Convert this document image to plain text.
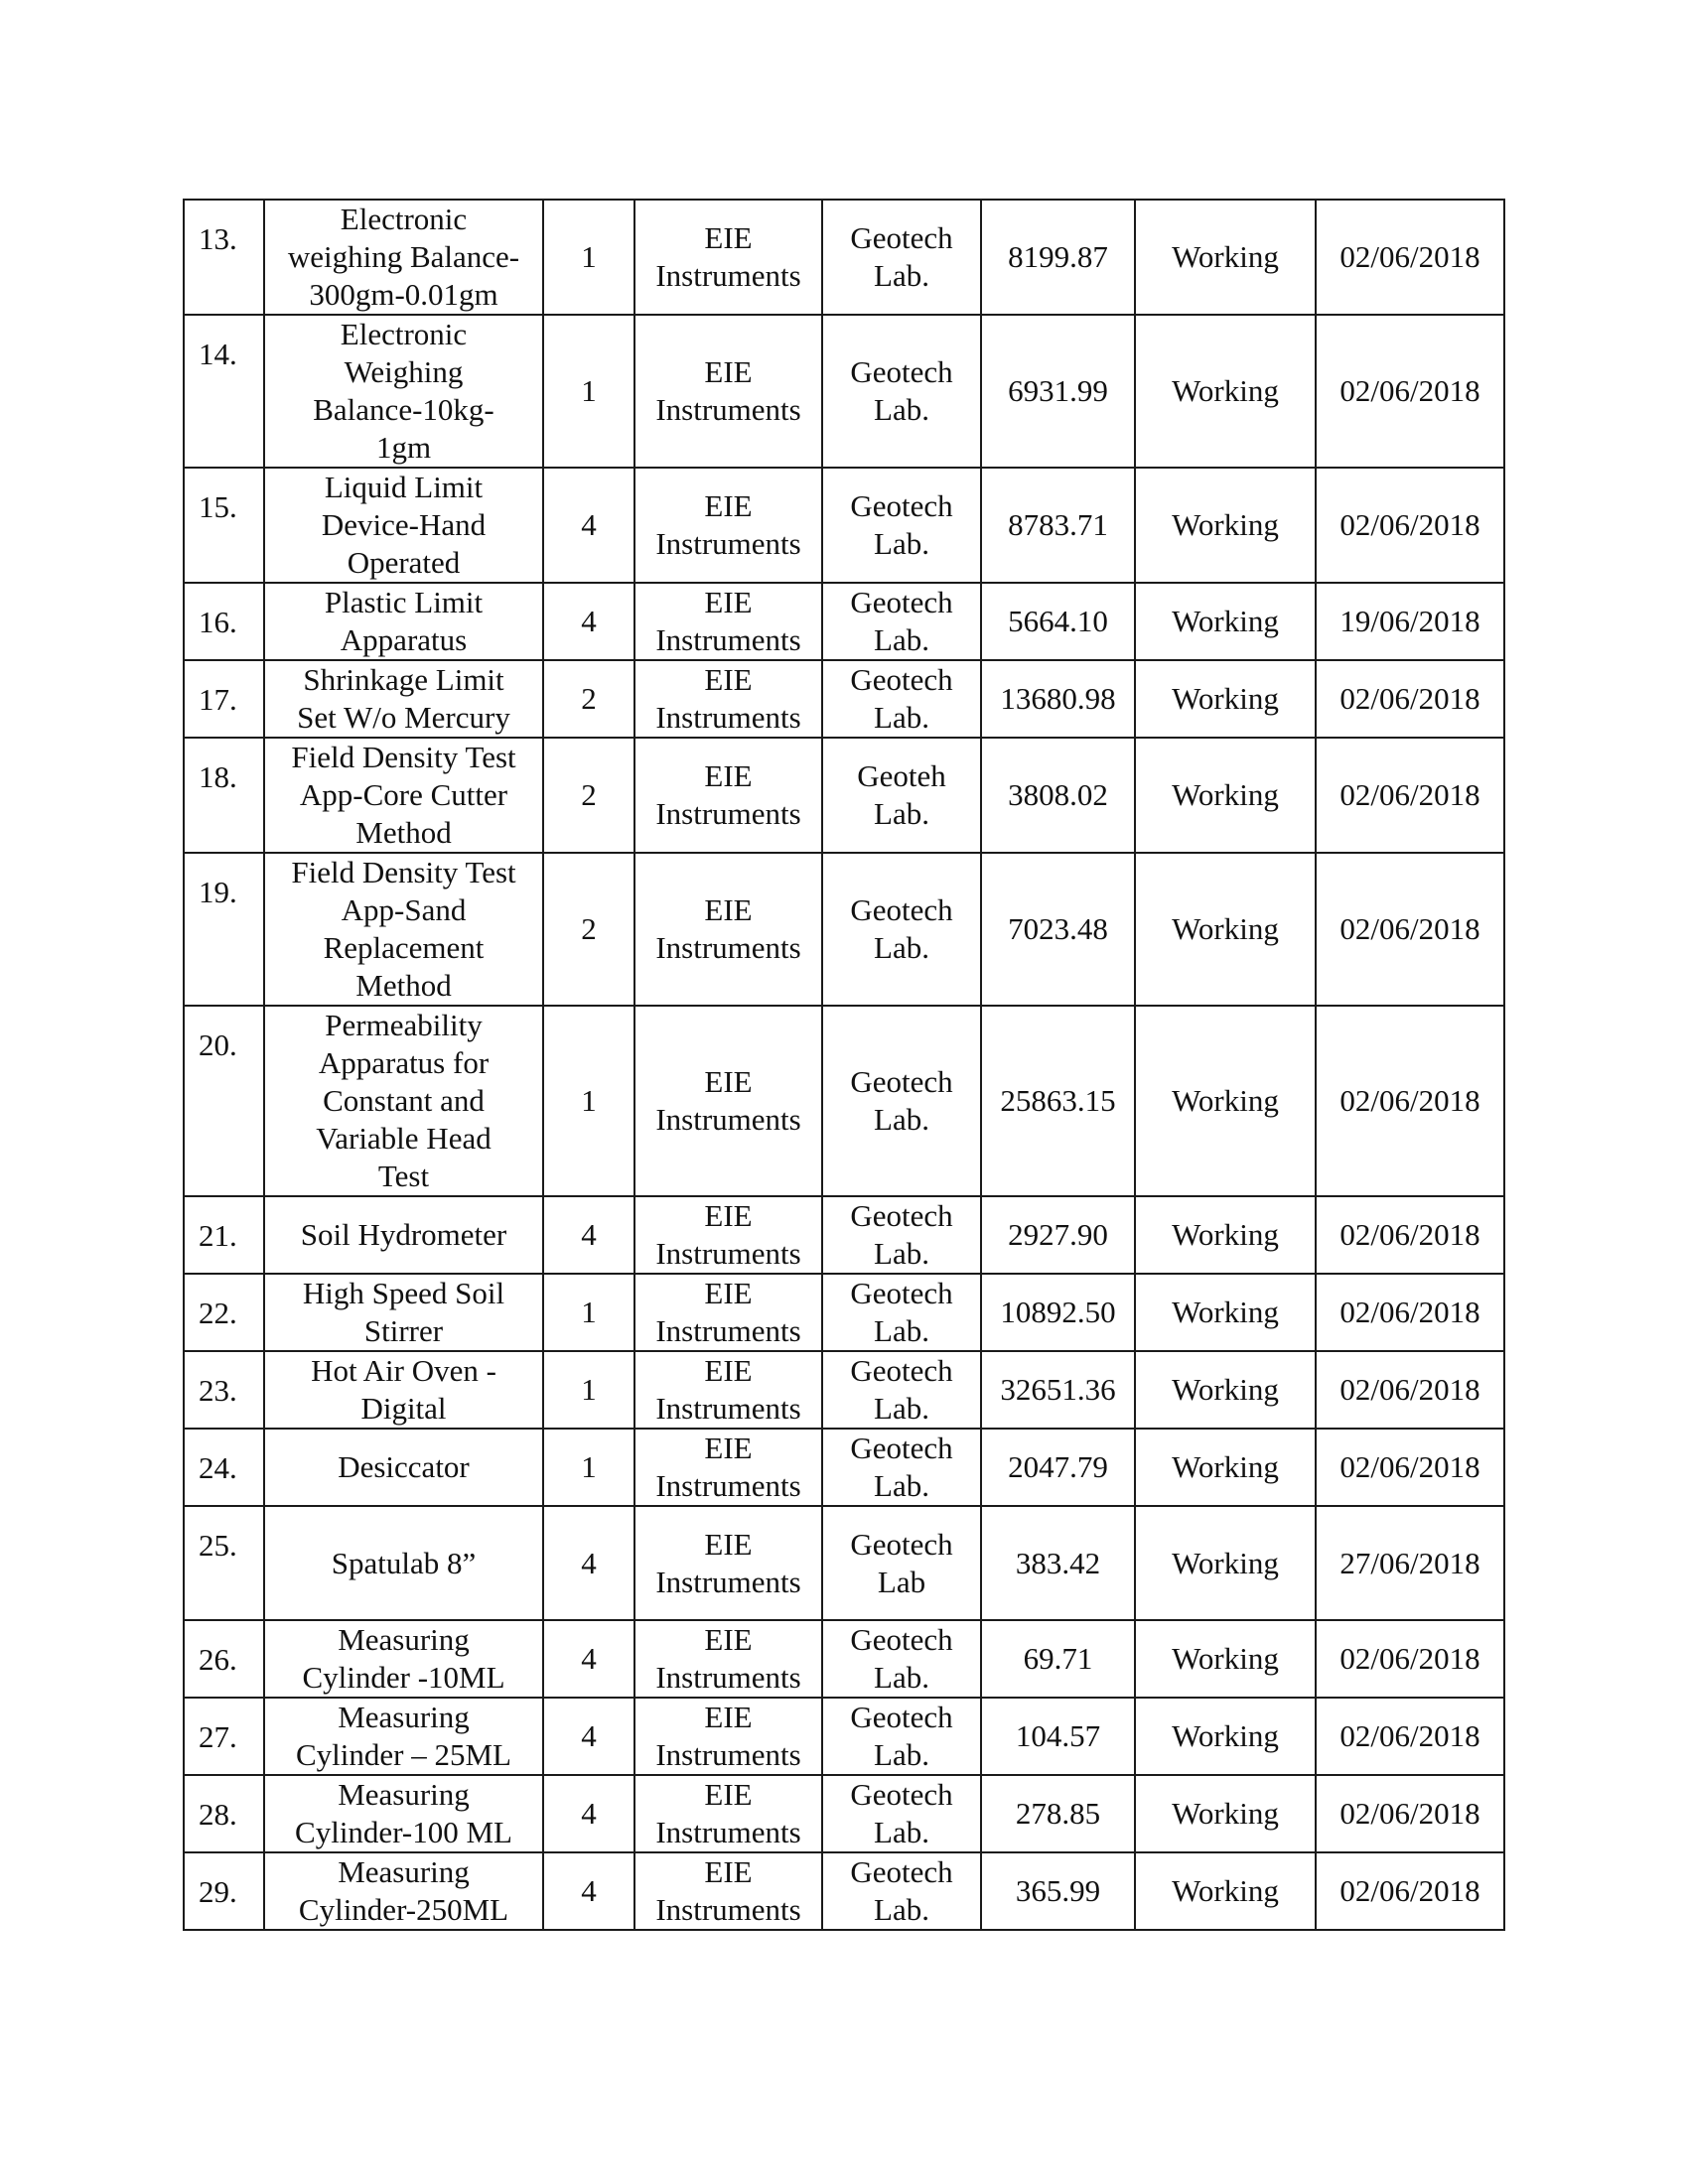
13.	Electronic
weighing Balance-
300gm-0.01gm	1	EIE
Instruments	Geotech
Lab.	8199.87	Working	02/06/2018
14.	Electronic
Weighing
Balance-10kg-
1gm	1	EIE
Instruments	Geotech
Lab.	6931.99	Working	02/06/2018
15.	Liquid Limit
Device-Hand
Operated	4	EIE
Instruments	Geotech
Lab.	8783.71	Working	02/06/2018
16.	Plastic Limit
Apparatus	4	EIE
Instruments	Geotech
Lab.	5664.10	Working	19/06/2018
17.	Shrinkage Limit
Set W/o Mercury	2	EIE
Instruments	Geotech
Lab.	13680.98	Working	02/06/2018
18.	Field Density Test
App-Core Cutter
Method	2	EIE
Instruments	Geoteh
Lab.	3808.02	Working	02/06/2018
19.	Field Density Test
App-Sand
Replacement
Method	2	EIE
Instruments	Geotech
Lab.	7023.48	Working	02/06/2018
20.	Permeability
Apparatus for
Constant and
Variable Head
Test	1	EIE
Instruments	Geotech
Lab.	25863.15	Working	02/06/2018
21.	Soil Hydrometer	4	EIE
Instruments	Geotech
Lab.	2927.90	Working	02/06/2018
22.	High Speed Soil
Stirrer	1	EIE
Instruments	Geotech
Lab.	10892.50	Working	02/06/2018
23.	Hot Air Oven -
Digital	1	EIE
Instruments	Geotech
Lab.	32651.36	Working	02/06/2018
24.	Desiccator	1	EIE
Instruments	Geotech
Lab.	2047.79	Working	02/06/2018
25.	Spatulab 8”	4	EIE
Instruments	Geotech
Lab	383.42	Working	27/06/2018
26.	Measuring
Cylinder -10ML	4	EIE
Instruments	Geotech
Lab.	69.71	Working	02/06/2018
27.	Measuring
Cylinder – 25ML	4	EIE
Instruments	Geotech
Lab.	104.57	Working	02/06/2018
28.	Measuring
Cylinder-100 ML	4	EIE
Instruments	Geotech
Lab.	278.85	Working	02/06/2018
29.	Measuring
Cylinder-250ML	4	EIE
Instruments	Geotech
Lab.	365.99	Working	02/06/2018
